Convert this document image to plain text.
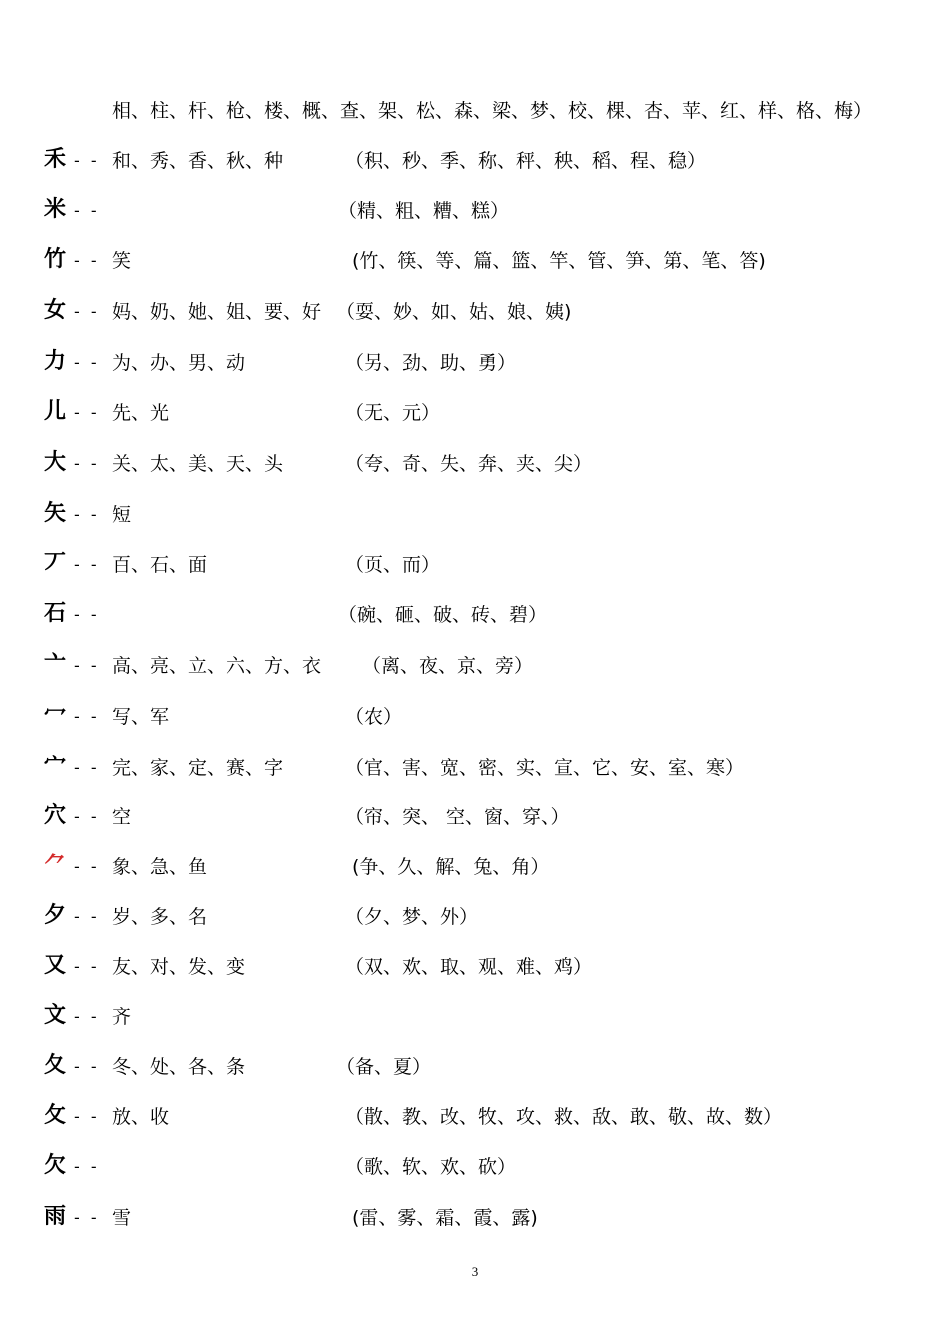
相、柱、杆、枪、楼、概、查、架、松、森、梁、梦、校、棵、杏、苹、红、样、格、梅）
禾 - - 和、秀、香、秋、种	（积、秒、季、称、秤、秧、稻、程、稳）
米 - -	（精、粗、糟、糕）
竹 - - 笑	(竹、筷、等、篇、篮、竿、管、笋、第、笔、答)
女 - - 妈、奶、她、姐、要、好 （耍、妙、如、姑、娘、姨)
力 - - 为、办、男、动	（另、劲、助、勇）
儿 - - 先、光	（无、元）
大 - - 关、太、美、天、头	（夸、奇、失、奔、夹、尖）
矢 - - 短
丆 - - 百、石、面	（页、而）
石 - -	（碗、砸、破、砖、碧）
亠 - - 高、亮、立、六、方、衣 （离、夜、京、旁）
冖 - - 写、军	（农）
宀 - - 完、家、定、赛、字	（官、害、宽、密、实、宣、它、安、室、寒）
穴 - - 空	（帘、突、 空、窗、穿、）
⺈ - - 象、急、鱼	(争、久、解、兔、角）
夕 - - 岁、多、名	（夕、梦、外）
又 - - 友、对、发、变	（双、欢、取、观、难、鸡）
文 - - 齐
夂 - - 冬、处、各、条	（备、夏）
攵 - - 放、收	（散、教、改、牧、攻、救、敌、敢、敬、故、数）
欠 - -	（歌、软、欢、砍）
雨 - - 雪	(雷、雾、霜、霞、露)
3
